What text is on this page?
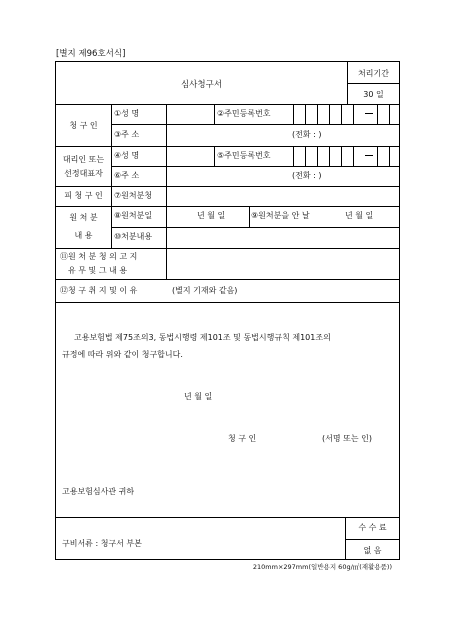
[별지 제96호서식]
심사청구서
처리기간
30 일
청 구 인
①성 명	②주민등록번호
③주 소	(전화 : )
대리인 또는
선정대표자
④성 명	⑤주민등록번호
⑥주 소	(전화 : )
피 청 구 인	⑦원처분청
원 처 분
내 용
⑧원처분일	년 월 일	⑨원처분을 안 날	년 월 일
⑩처분내용
⑪원 처 분 청 의 고 지
유 무 및 그 내 용
⑫청 구 취 지 및 이 유	(별지 기재와 같음)
고용보험법 제75조의3, 동법시행령 제101조 및 동법시행규칙 제101조의
규정에 따라 위와 같이 청구합니다.
년 월 일
청 구 인	(서명 또는 인)
고용보험심사관 귀하
구비서류 : 청구서 부본
수 수 료
없 음
210mm×297mm(일반용지 60g/㎡(재활용품))
